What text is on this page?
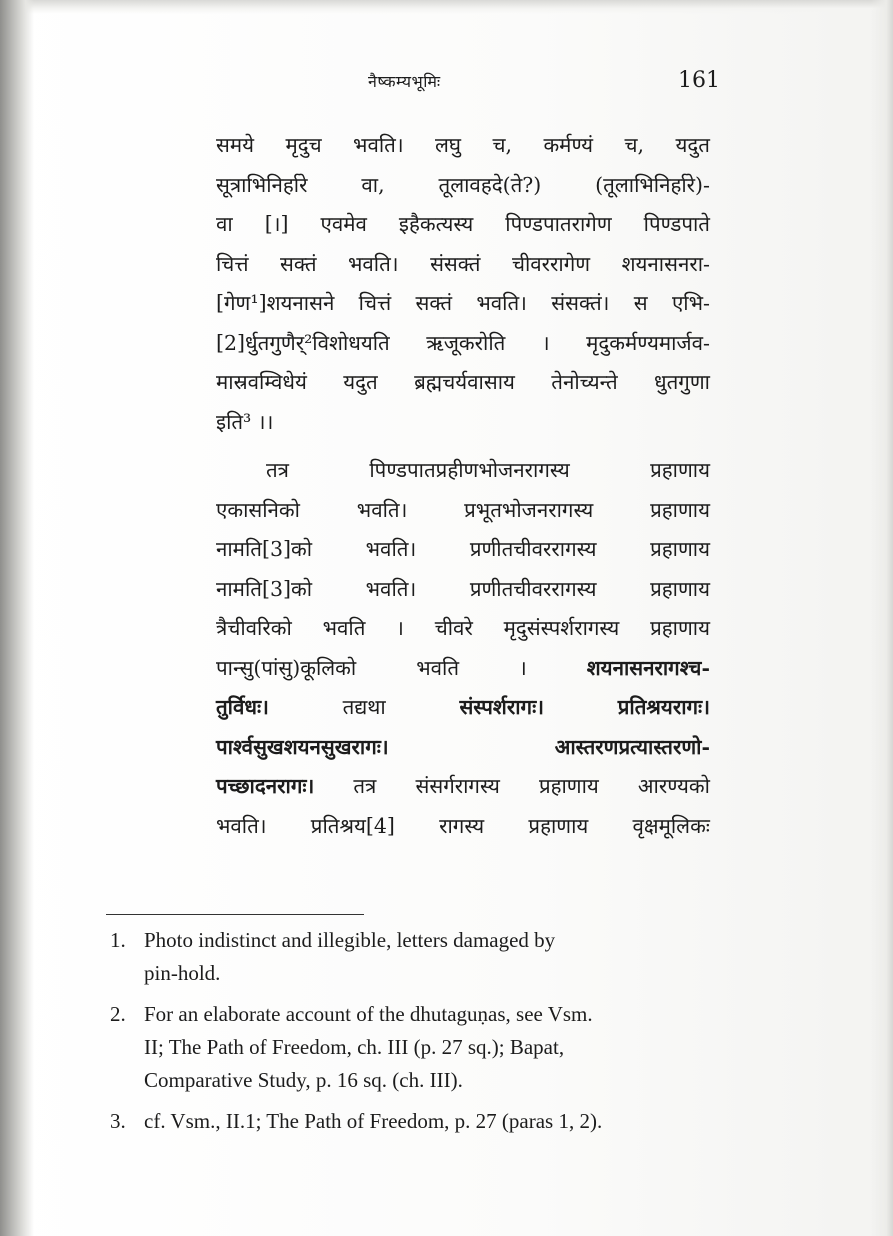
नैष्कम्यभूमिः	161
समये मृदुच भवति। लघु च, कर्मण्यं च, यदुत
सूत्राभिनिर्हारे	वा,	तूलावहदे(ते?)	(तूलाभिनिर्हारे)-
वा [।] एवमेव इहैकत्यस्य पिण्डपातरागेण पिण्डपाते
चित्तं सक्तं भवति। संसक्तं चीवररागेण शयनासनरा-
[गेण¹]शयनासने चित्तं सक्तं भवति। संसक्तं। स एभि-
[2]र्धुतगुणैर्²विशोधयति ऋजूकरोति । मृदुकर्मण्यमार्जव-
मास्रवम्विधेयं यदुत ब्रह्मचर्यवासाय तेनोच्यन्ते धुतगुणा
इति³ ।।
तत्र	पिण्डपातप्रहीणभोजनरागस्य	प्रहाणाय
एकासनिको	भवति।	प्रभूतभोजनरागस्य	प्रहाणाय
नामति[3]को	भवति।	प्रणीतचीवररागस्य	प्रहाणाय
नामति[3]को	भवति।	प्रणीतचीवररागस्य	प्रहाणाय
त्रैचीवरिको भवति । चीवरे मृदुसंस्पर्शरागस्य प्रहाणाय
पान्सु(पांसु)कूलिको	भवति	।	शयनासनरागश्च-
तुर्विधः।	तद्यथा	संस्पर्शरागः।	प्रतिश्रयरागः।
पार्श्वसुखशयनसुखरागः।	आस्तरणप्रत्यास्तरणो-
पच्छादनरागः। तत्र संसर्गरागस्य प्रहाणाय आरण्यको
भवति। प्रतिश्रय[4] रागस्य प्रहाणाय वृक्षमूलिकः
1. Photo indistinct and illegible, letters damaged by
pin-hold.
2. For an elaborate account of the dhutaguṇas, see Vsm.
II; The Path of Freedom, ch. III (p. 27 sq.); Bapat,
Comparative Study, p. 16 sq. (ch. III).
3. cf. Vsm., II.1; The Path of Freedom, p. 27 (paras 1, 2).
